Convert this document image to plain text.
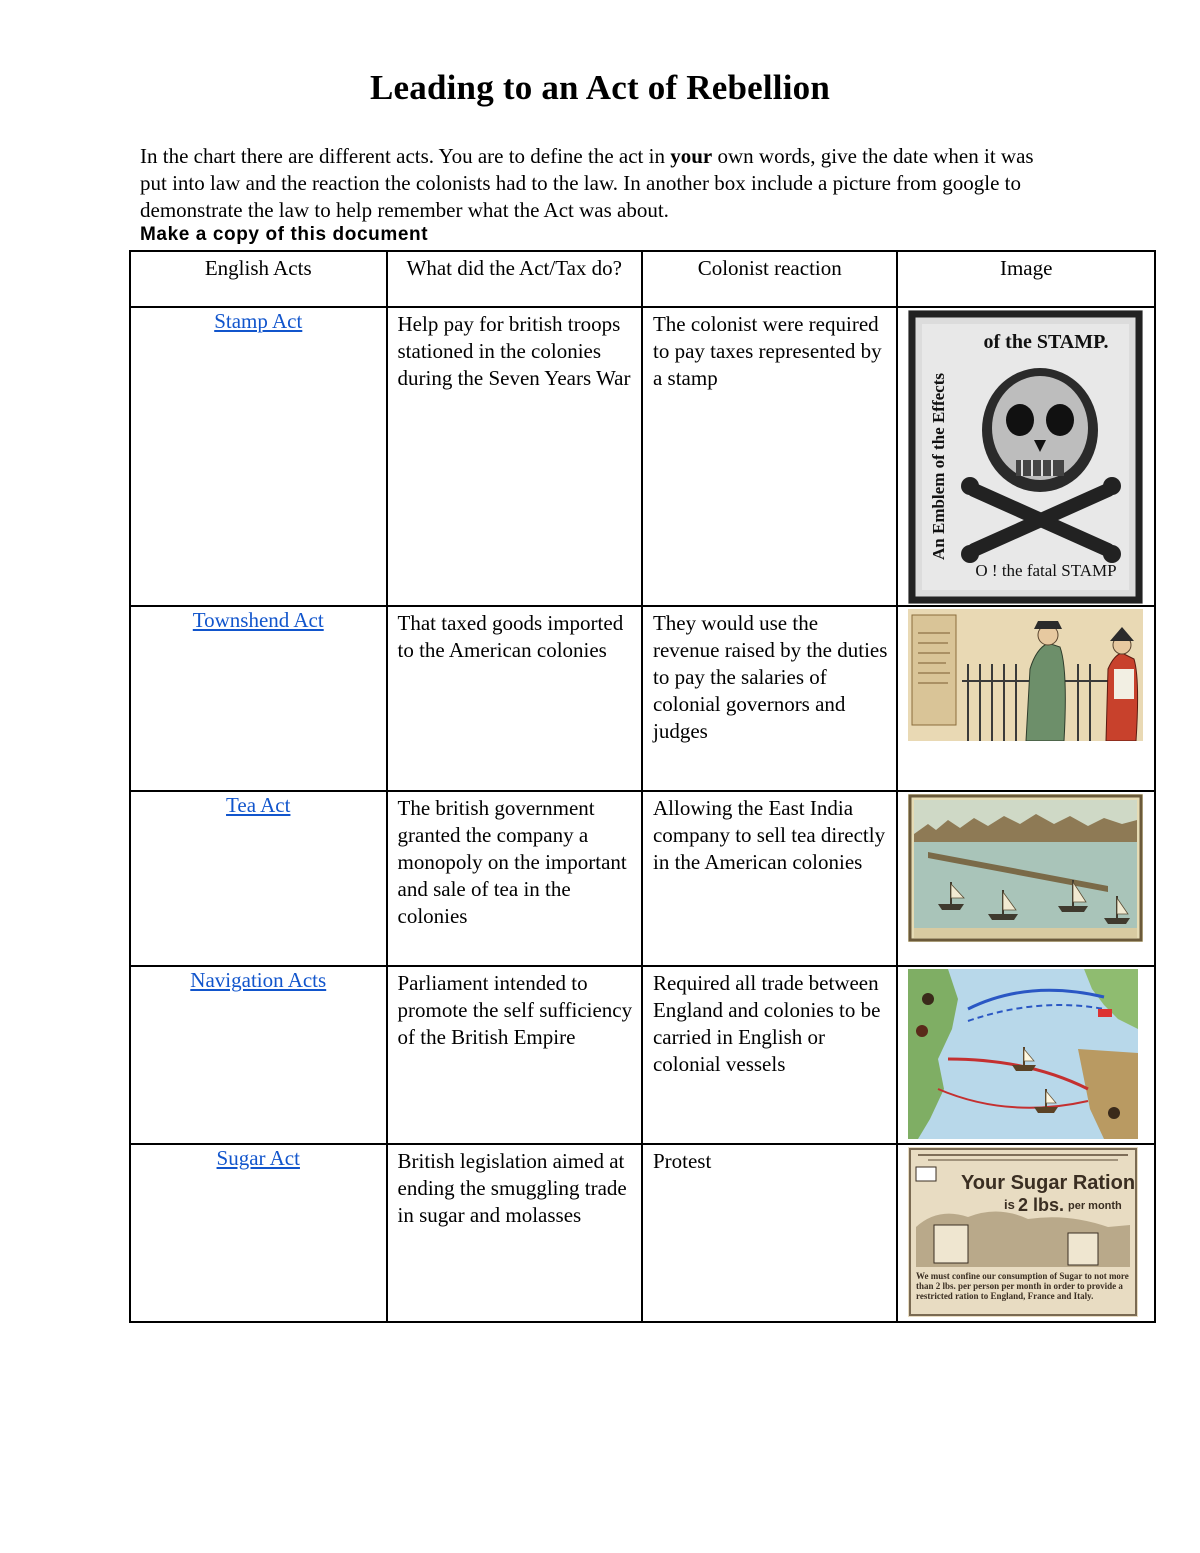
Leading to an Act of Rebellion

In the chart there are different acts. You are to define the act in your own words, give the date when it was put into law and the reaction the colonists had to the law. In another box include a picture from google to demonstrate the law to help remember what the Act was about.

Make a copy of this document
English Acts	What did the Act/Tax do?	Colonist reaction	Image

Stamp Act	Help pay for british troops stationed in the colonies during the Seven Years War	The colonist were required to pay taxes represented by a stamp	of the STAMP.
An Emblem of the Effects
O ! the fatal STAMP

Townshend Act	That taxed goods imported to the American colonies	They would use the revenue raised by the duties to pay the salaries of colonial governors and judges

Tea Act	The british government granted the company a monopoly on the important and sale of tea in the colonies	Allowing the East India company to sell tea directly in the American colonies

Navigation Acts	Parliament intended to promote the self sufficiency of the British Empire	Required all trade between England and colonies to be carried in English or colonial vessels

Sugar Act	British legislation aimed at ending the smuggling trade in sugar and molasses	Protest	Your Sugar Ration
is 2 lbs. per month
We must confine our consumption of Sugar to not more than 2 lbs. per person per month in order to provide a restricted ration to England, France and Italy.
